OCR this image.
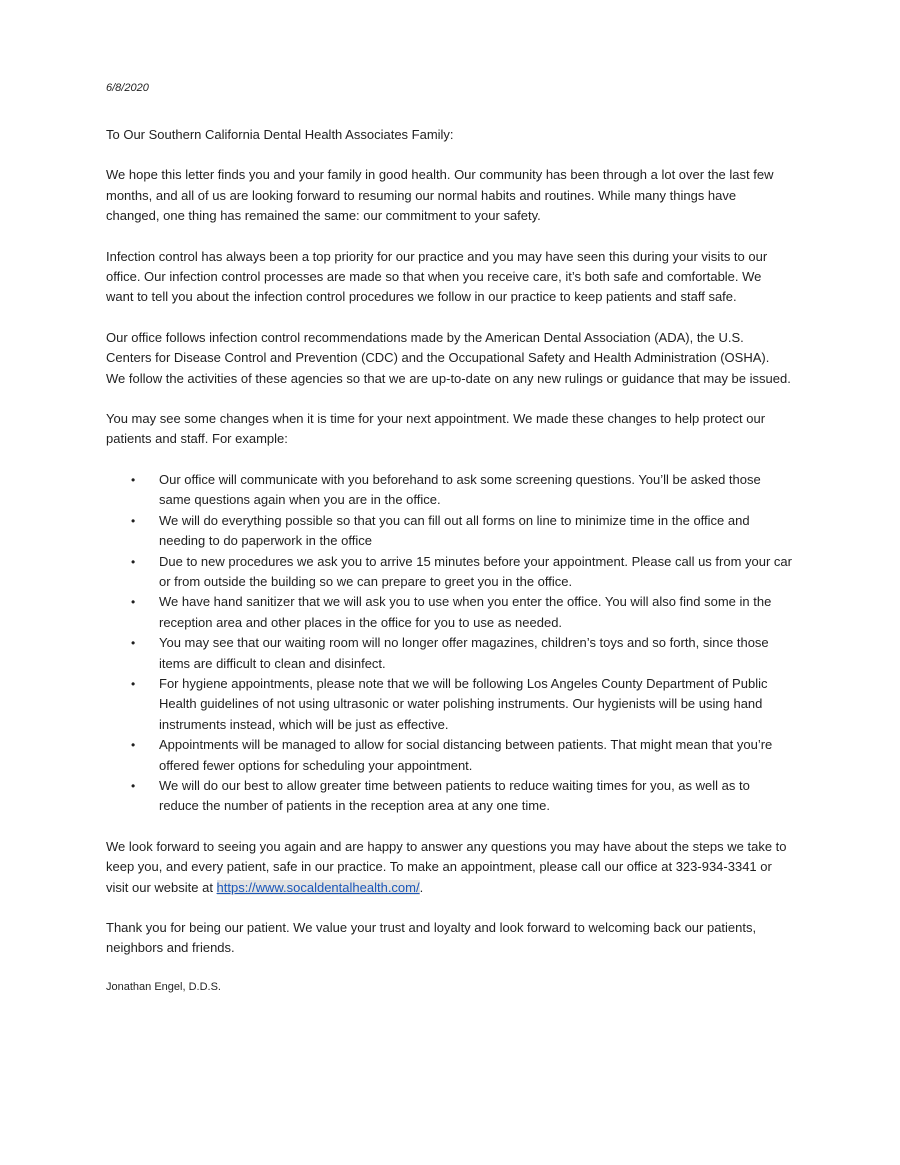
6/8/2020

To Our Southern California Dental Health Associates Family:

We hope this letter finds you and your family in good health. Our community has been through a lot over the last few months, and all of us are looking forward to resuming our normal habits and routines. While many things have changed, one thing has remained the same: our commitment to your safety.

Infection control has always been a top priority for our practice and you may have seen this during your visits to our office. Our infection control processes are made so that when you receive care, it’s both safe and comfortable. We want to tell you about the infection control procedures we follow in our practice to keep patients and staff safe.

Our office follows infection control recommendations made by the American Dental Association (ADA), the U.S. Centers for Disease Control and Prevention (CDC) and the Occupational Safety and Health Administration (OSHA). We follow the activities of these agencies so that we are up-to-date on any new rulings or guidance that may be issued.

You may see some changes when it is time for your next appointment. We made these changes to help protect our patients and staff. For example:

• Our office will communicate with you beforehand to ask some screening questions. You’ll be asked those same questions again when you are in the office.
• We will do everything possible so that you can fill out all forms on line to minimize time in the office and needing to do paperwork in the office
• Due to new procedures we ask you to arrive 15 minutes before your appointment. Please call us from your car or from outside the building so we can prepare to greet you in the office.
• We have hand sanitizer that we will ask you to use when you enter the office. You will also find some in the reception area and other places in the office for you to use as needed.
• You may see that our waiting room will no longer offer magazines, children’s toys and so forth, since those items are difficult to clean and disinfect.
• For hygiene appointments, please note that we will be following Los Angeles County Department of Public Health guidelines of not using ultrasonic or water polishing instruments. Our hygienists will be using hand instruments instead, which will be just as effective.
• Appointments will be managed to allow for social distancing between patients. That might mean that you’re offered fewer options for scheduling your appointment.
• We will do our best to allow greater time between patients to reduce waiting times for you, as well as to reduce the number of patients in the reception area at any one time.

We look forward to seeing you again and are happy to answer any questions you may have about the steps we take to keep you, and every patient, safe in our practice. To make an appointment, please call our office at 323-934-3341 or visit our website at https://www.socaldentalhealth.com/.

Thank you for being our patient. We value your trust and loyalty and look forward to welcoming back our patients, neighbors and friends.

Jonathan Engel, D.D.S.
